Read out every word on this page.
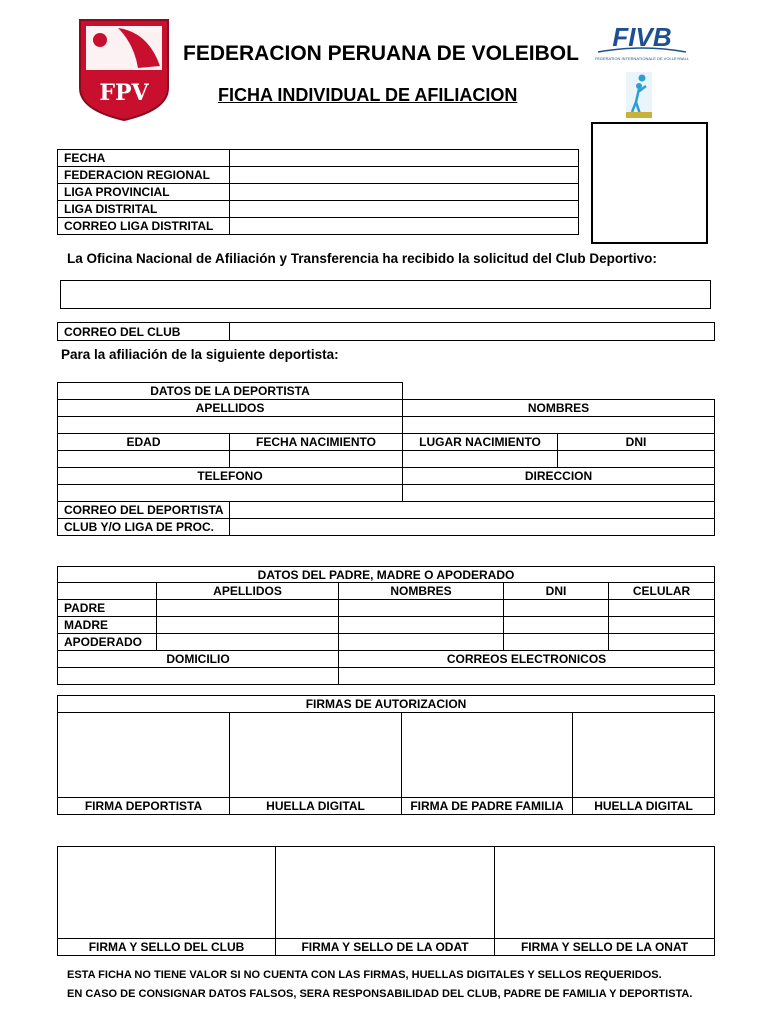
FPV
FIVB
FEDERATION INTERNATIONALE DE VOLLEYBALL
FEDERACION PERUANA DE VOLEIBOL
FICHA INDIVIDUAL DE AFILIACION
FECHA	
FEDERACION REGIONAL	
LIGA PROVINCIAL	
LIGA DISTRITAL	
CORREO LIGA DISTRITAL	
La Oficina Nacional de Afiliación y Transferencia ha recibido la solicitud del Club Deportivo:
CORREO DEL CLUB	
Para la afiliación de la siguiente deportista:
DATOS DE LA DEPORTISTA			
APELLIDOS		NOMBRES	

EDAD	FECHA NACIMIENTO	LUGAR NACIMIENTO	DNI

TELEFONO		DIRECCION	

CORREO DEL DEPORTISTA			
CLUB Y/O LIGA DE PROC.			
DATOS DEL PADRE, MADRE O APODERADO				
	APELLIDOS	NOMBRES	DNI	CELULAR
PADRE				
MADRE				
APODERADO				
DOMICILIO		CORREOS ELECTRONICOS		

FIRMAS DE AUTORIZACION			

FIRMA DEPORTISTA	HUELLA DIGITAL	FIRMA DE PADRE FAMILIA	HUELLA DIGITAL

FIRMA Y SELLO DEL CLUB	FIRMA Y SELLO DE LA ODAT	FIRMA Y SELLO DE LA ONAT
ESTA FICHA NO TIENE VALOR SI NO CUENTA CON LAS FIRMAS, HUELLAS DIGITALES Y SELLOS REQUERIDOS.
EN CASO DE CONSIGNAR DATOS FALSOS, SERA RESPONSABILIDAD DEL CLUB, PADRE DE FAMILIA Y DEPORTISTA.
